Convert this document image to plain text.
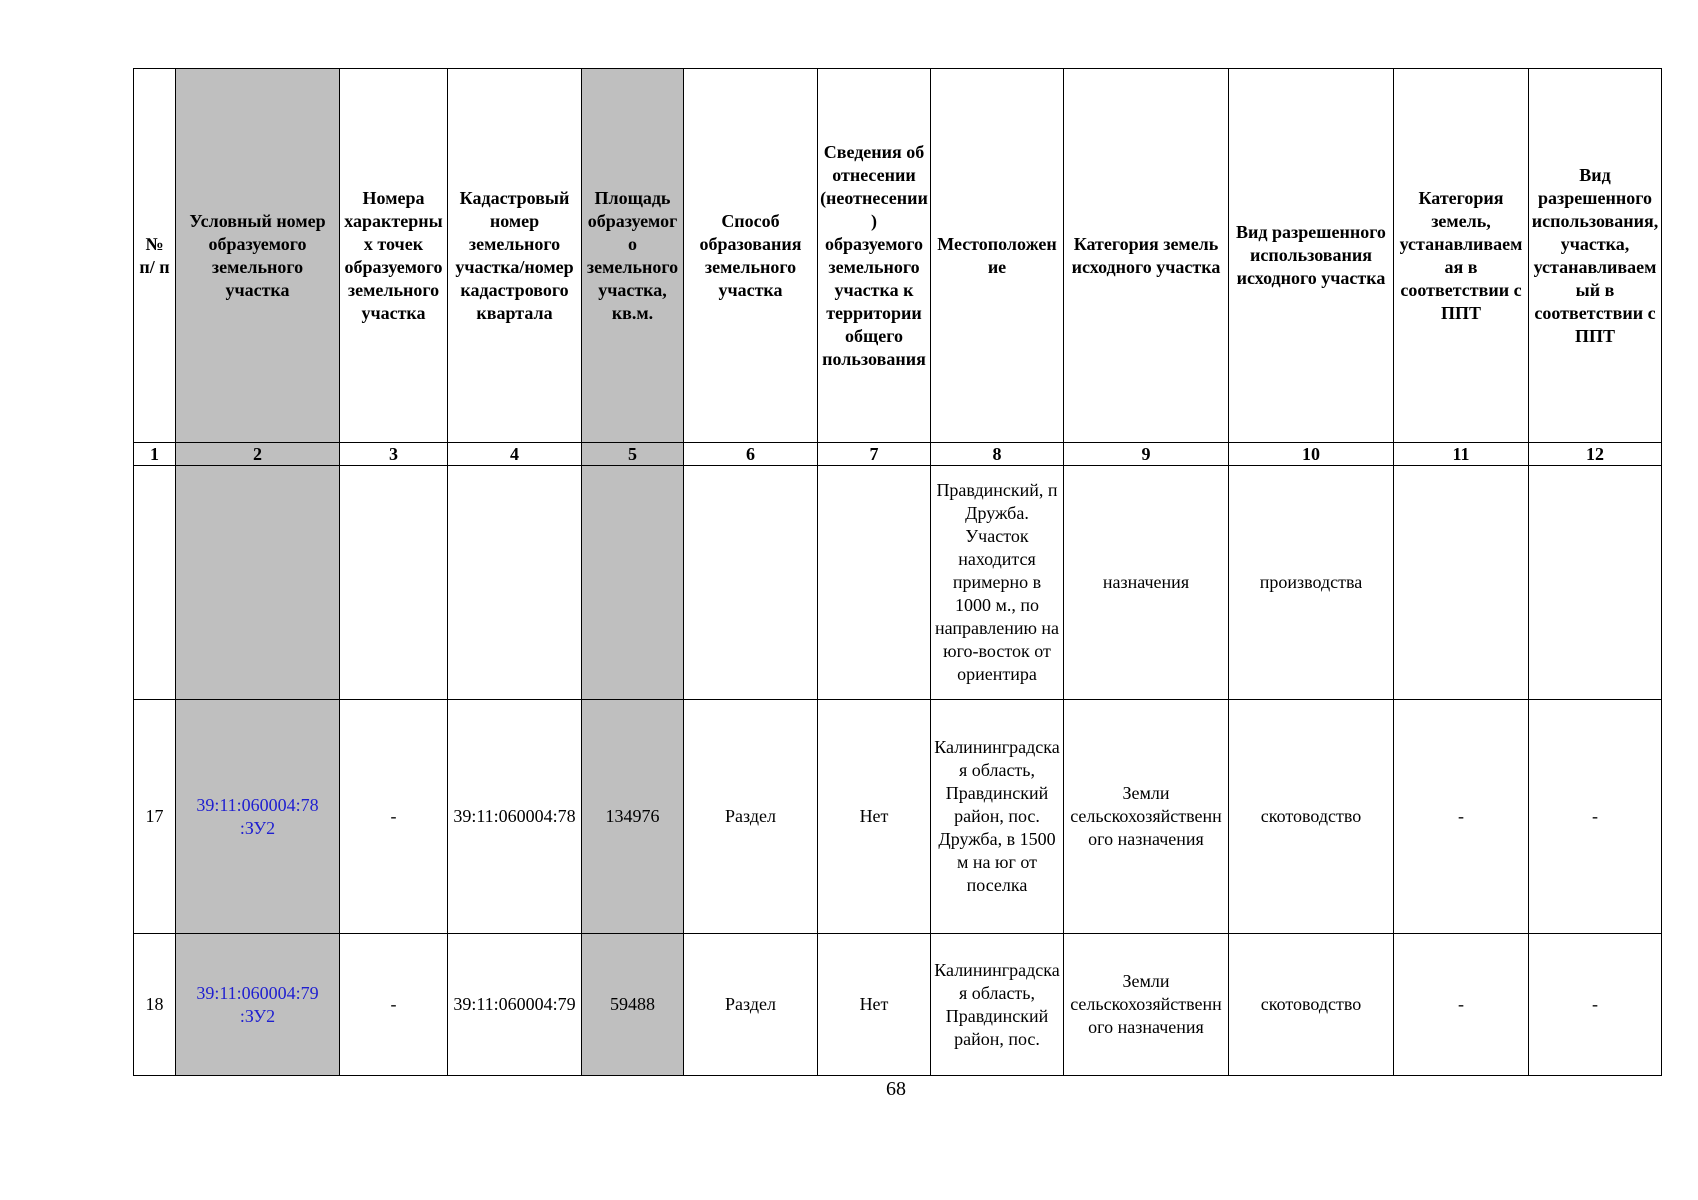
№ п/ п	Условный номер образуемого земельного участка	Номера характерных точек образуемого земельного участка	Кадастровый номер земельного участка/номер кадастрового квартала	Площадь образуемого земельного участка, кв.м.	Способ образования земельного участка	Сведения об отнесении (неотнесении) образуемого земельного участка к территории общего пользования	Местоположение	Категория земель исходного участка	Вид разрешенного использования исходного участка	Категория земель, устанавливаемая в соответствии с ППТ	Вид разрешенного использования, участка, устанавливаемый в соответствии с ППТ
1	2	3	4	5	6	7	8	9	10	11	12
							Правдинский, п Дружба. Участок находится примерно в 1000 м., по направлению на юго-восток от ориентира	назначения	производства		
17	39:11:060004:78 :ЗУ2	-	39:11:060004:78	134976	Раздел	Нет	Калининградская область, Правдинский район, пос. Дружба, в 1500 м на юг от поселка	Земли сельскохозяйственного назначения	скотоводство	-	-
18	39:11:060004:79 :ЗУ2	-	39:11:060004:79	59488	Раздел	Нет	Калининградская область, Правдинский район, пос.	Земли сельскохозяйственного назначения	скотоводство	-	-
68
